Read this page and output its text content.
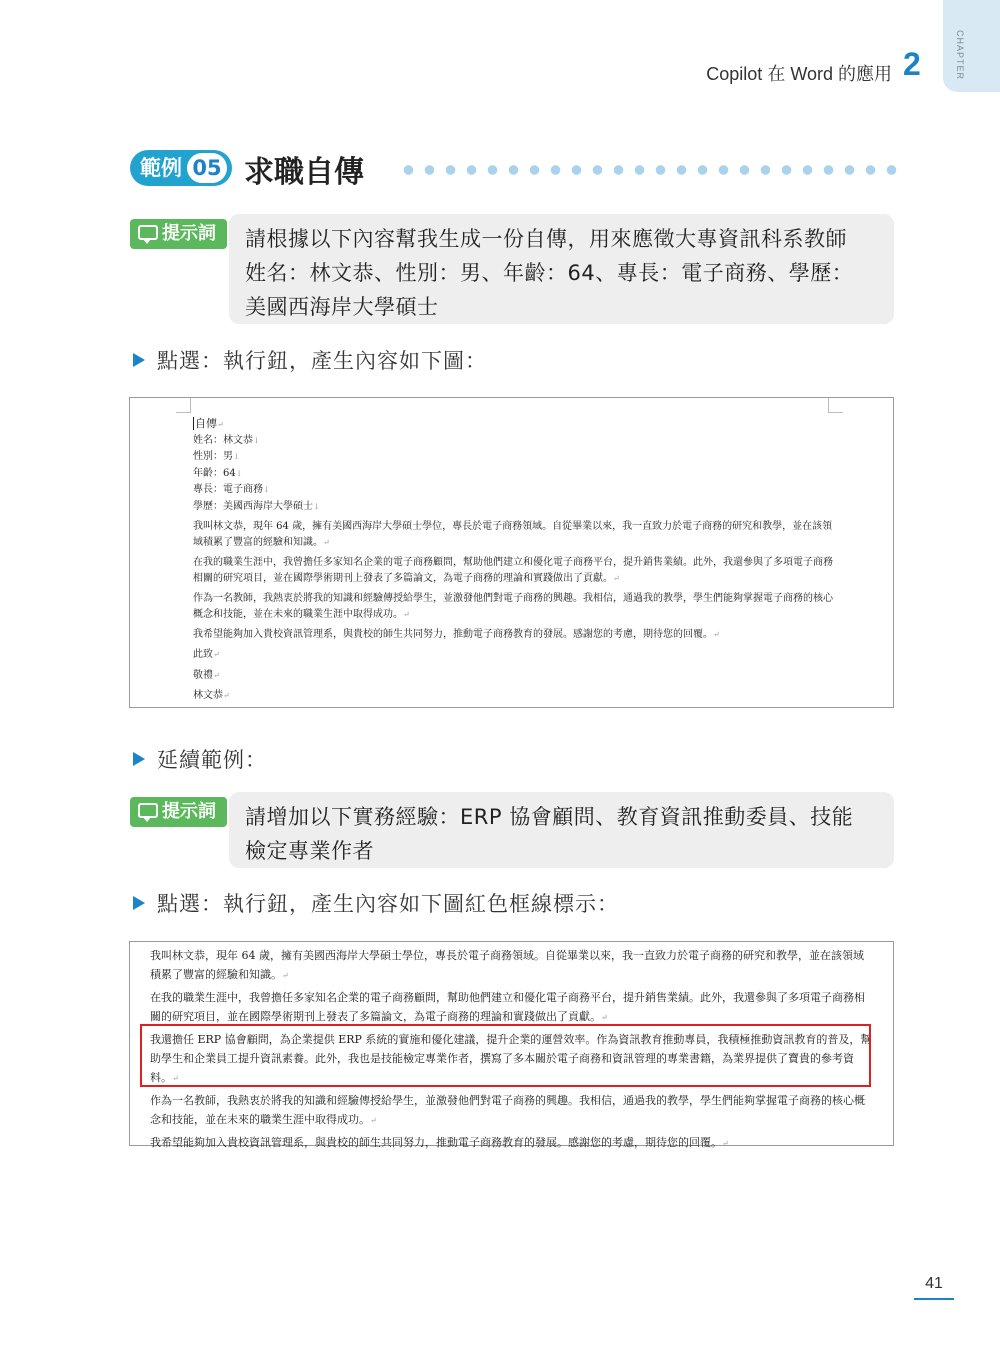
CHAPTER
Copilot 在 Word 的應用 2
範例 05 求職自傳
提示詞	請根據以下內容幫我生成一份自傳，用來應徵大專資訊科系教師
姓名：林文恭、性別：男、年齡：64、專長：電子商務、學歷：
美國西海岸大學碩士
點選：執行鈕，產生內容如下圖：
自傳↵
姓名：林文恭↓
性別：男↓
年齡：64↓
專長：電子商務↓
學歷：美國西海岸大學碩士↓
我叫林文恭，現年 64 歲，擁有美國西海岸大學碩士學位，專長於電子商務領域。自從畢業以來，我一直致力於電子商務的研究和教學，並在該領域積累了豐富的經驗和知識。↵
在我的職業生涯中，我曾擔任多家知名企業的電子商務顧問，幫助他們建立和優化電子商務平台，提升銷售業績。此外，我還參與了多項電子商務相關的研究項目，並在國際學術期刊上發表了多篇論文，為電子商務的理論和實踐做出了貢獻。↵
作為一名教師，我熱衷於將我的知識和經驗傳授給學生，並激發他們對電子商務的興趣。我相信，通過我的教學，學生們能夠掌握電子商務的核心概念和技能，並在未來的職業生涯中取得成功。↵
我希望能夠加入貴校資訊管理系，與貴校的師生共同努力，推動電子商務教育的發展。感謝您的考慮，期待您的回覆。↵
此致↵
敬禮↵
林文恭↵
延續範例：
提示詞	請增加以下實務經驗：ERP 協會顧問、教育資訊推動委員、技能
檢定專業作者
點選：執行鈕，產生內容如下圖紅色框線標示：
我叫林文恭，現年 64 歲，擁有美國西海岸大學碩士學位，專長於電子商務領域。自從畢業以來，我一直致力於電子商務的研究和教學，並在該領域積累了豐富的經驗和知識。↵
在我的職業生涯中，我曾擔任多家知名企業的電子商務顧問，幫助他們建立和優化電子商務平台，提升銷售業績。此外，我還參與了多項電子商務相關的研究項目，並在國際學術期刊上發表了多篇論文，為電子商務的理論和實踐做出了貢獻。↵
我還擔任 ERP 協會顧問，為企業提供 ERP 系統的實施和優化建議，提升企業的運營效率。作為資訊教育推動專員，我積極推動資訊教育的普及，幫助學生和企業員工提升資訊素養。此外，我也是技能檢定專業作者，撰寫了多本關於電子商務和資訊管理的專業書籍，為業界提供了寶貴的參考資料。↵
作為一名教師，我熱衷於將我的知識和經驗傳授給學生，並激發他們對電子商務的興趣。我相信，通過我的教學，學生們能夠掌握電子商務的核心概念和技能，並在未來的職業生涯中取得成功。↵
我希望能夠加入貴校資訊管理系，與貴校的師生共同努力，推動電子商務教育的發展。感謝您的考慮，期待您的回覆。↵
41
